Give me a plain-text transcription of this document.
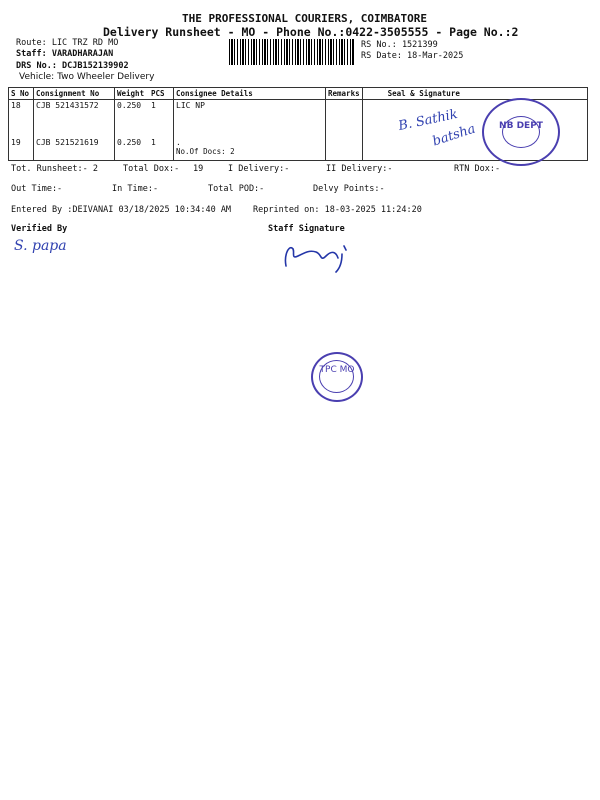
THE PROFESSIONAL COURIERS, COIMBATORE
Delivery Runsheet - MO - Phone No.:0422-3505555 - Page No.:2
Route: LIC TRZ RD MO
Staff: VARADHARAJAN
DRS No.: DCJB152139902
Vehicle: Two Wheeler Delivery
RS No.: 1521399
RS Date: 18-Mar-2025
S No	Consignment No	Weight	PCS	Consignee Details	Remarks	Seal & Signature
18	CJB 521431572	0.250	1	LIC NP		
19	CJB 521521619	0.250	1	.
No.Of Docs: 2		

B. Sathik
batsha	NB DEPT
Tot. Runsheet:- 2	Total Dox:- 19	I Delivery:-	II Delivery:-	RTN Dox:-
Out Time:-	In Time:-	Total POD:-	Delvy Points:-
Entered By :DEIVANAI 03/18/2025 10:34:40 AM	Reprinted on: 18-03-2025 11:24:20
Verified By	Staff Signature
S. papa
TPC MO
